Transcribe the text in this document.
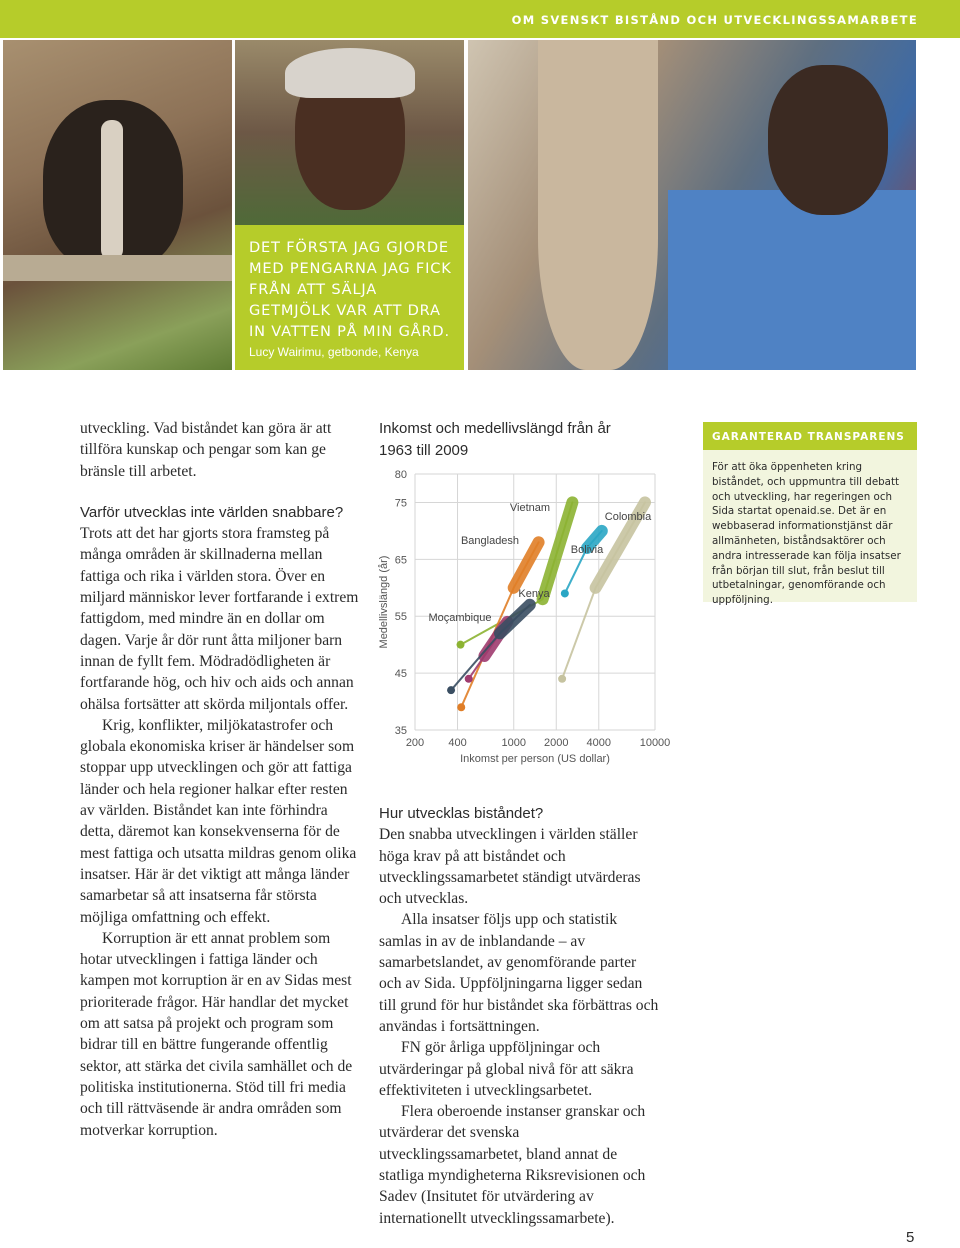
OM SVENSKT BISTÅND OCH UTVECKLINGSSAMARBETE
DET FÖRSTA JAG GJORDE MED PENGARNA JAG FICK FRÅN ATT SÄLJA GETMJÖLK VAR ATT DRA IN VATTEN PÅ MIN GÅRD.
Lucy Wairimu, getbonde, Kenya

utveckling. Vad biståndet kan göra är att tillföra kunskap och pengar som kan ge bränsle till arbetet.

Varför utvecklas inte världen snabbare?

Trots att det har gjorts stora framsteg på många områden är skillnaderna mellan fattiga och rika i världen stora. Över en miljard människor lever fortfarande i extrem fattigdom, med mindre än en dollar om dagen. Varje år dör runt åtta miljoner barn innan de fyllt fem. Mödradödligheten är fortfarande hög, och hiv och aids och annan ohälsa fortsätter att skörda miljontals offer.

Krig, konflikter, miljökatastrofer och globala ekonomiska kriser är händelser som stoppar upp utvecklingen och gör att fattiga länder och hela regioner halkar efter resten av världen. Biståndet kan inte förhindra detta, däremot kan konsekvenserna för de mest fattiga och utsatta mildras genom olika insatser. Här är det viktigt att många länder samarbetar så att insatserna får största möjliga omfattning och effekt.

Korruption är ett annat problem som hotar utvecklingen i fattiga länder och kampen mot korruption är en av Sidas mest prioriterade frågor. Här handlar det mycket om att satsa på projekt och program som bidrar till en bättre fungerande offentlig sektor, att stärka det civila samhället och de politiska institutionerna. Stöd till fri media och till rättväsende är andra områden som motverkar korruption.

Inkomst och medellivslängd från år 1963 till 2009
35
45
55
65
75
80
200 400	1000 2000 4000	10000
Inkomst per person (US dollar)
Medellivslängd (år)
Vietnam
Bangladesh
Moçambique
Kenya
Bolivia
Colombia

Hur utvecklas biståndet?

Den snabba utvecklingen i världen ställer höga krav på att biståndet och utvecklingssamarbetet ständigt utvärderas och utvecklas.

Alla insatser följs upp och statistik samlas in av de inblandande – av samarbetslandet, av genomförande parter och av Sida. Uppföljningarna ligger sedan till grund för hur biståndet ska förbättras och användas i fortsättningen.

FN gör årliga uppföljningar och utvärderingar på global nivå för att säkra effektiviteten i utvecklingsarbetet.

Flera oberoende instanser granskar och utvärderar det svenska utvecklingssamarbetet, bland annat de statliga myndigheterna Riksrevisionen och Sadev (Insitutet för utvärdering av internationellt utvecklingssamarbete).

GARANTERAD TRANSPARENS
För att öka öppenheten kring biståndet, och uppmuntra till debatt och utveckling, har regeringen och Sida startat openaid.se. Det är en webbaserad informationstjänst där allmänheten, biståndsaktörer och andra intresserade kan följa insatser från början till slut, från beslut till utbetalningar, genomförande och uppföljning.
5
